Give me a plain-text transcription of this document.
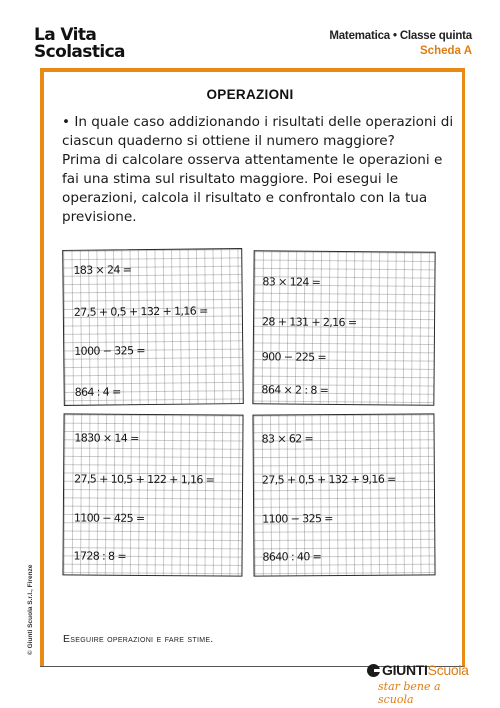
La Vita
Scolastica
Matematica • Classe quinta
Scheda A
OPERAZIONI

• In quale caso addizionando i risultati delle operazioni di ciascun quaderno si ottiene il numero maggiore?

Prima di calcolare osserva attentamente le operazioni e fai una stima sul risultato maggiore. Poi esegui le operazioni, calcola il risultato e confrontalo con la tua previsione.

183 × 24 =
27,5 + 0,5 + 132 + 1,16 =
1000 − 325 =
864 : 4 =
83 × 124 =
28 + 131 + 2,16 =
900 − 225 =
864 × 2 : 8 =
1830 × 14 =
27,5 + 10,5 + 122 + 1,16 =
1100 − 425 =
1728 : 8 =
83 × 62 =
27,5 + 0,5 + 132 + 9,16 =
1100 − 325 =
8640 : 40 =
Eseguire operazioni e fare stime.
© Giunti Scuola S.r.l., Firenze
GIUNTI Scuola
star bene a scuola
